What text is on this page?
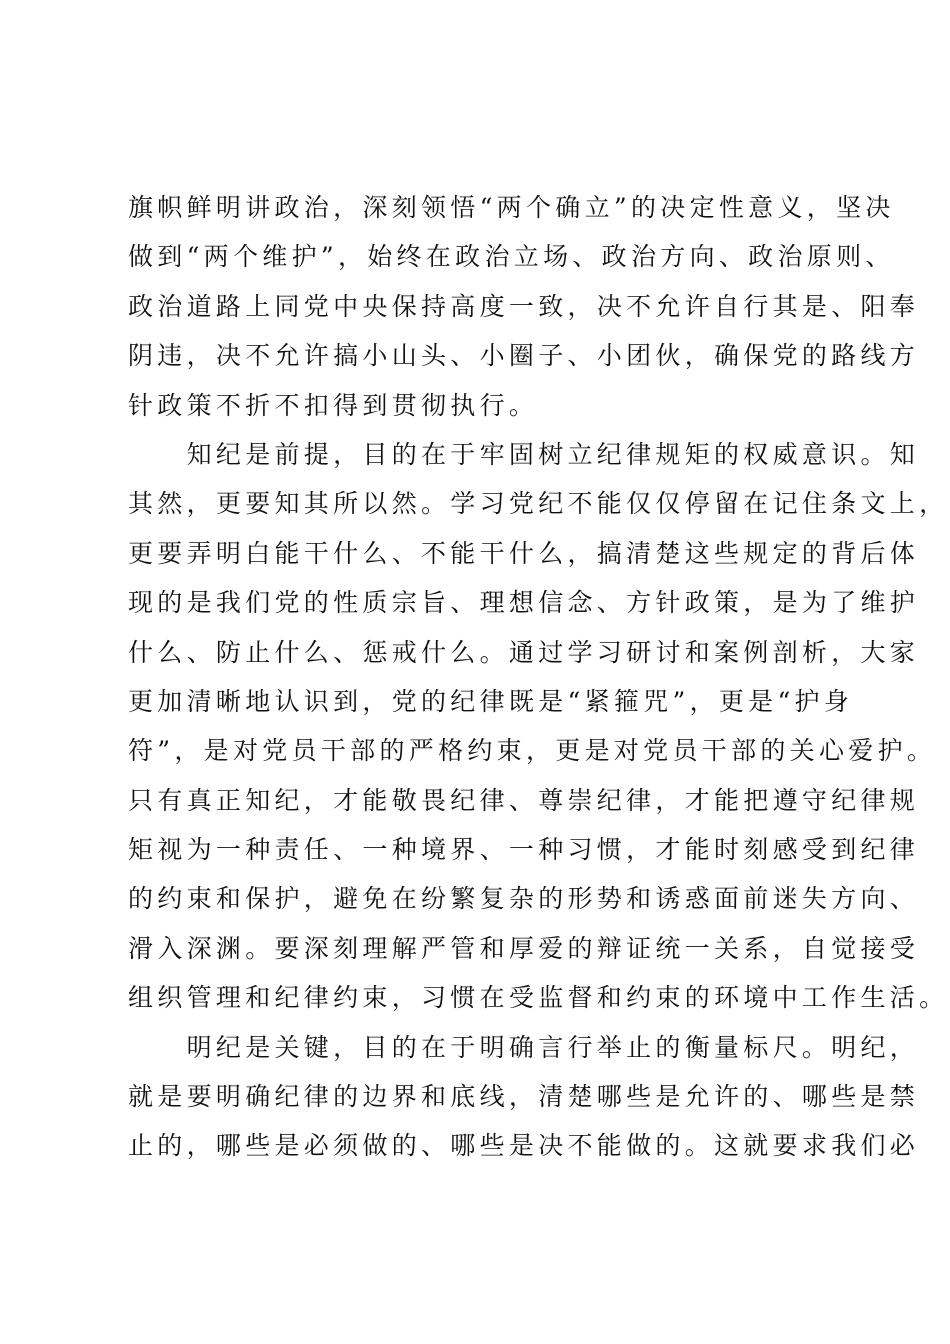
旗帜鲜明讲政治，深刻领悟“两个确立”的决定性意义，坚决
做到“两个维护”，始终在政治立场、政治方向、政治原则、
政治道路上同党中央保持高度一致，决不允许自行其是、阳奉
阴违，决不允许搞小山头、小圈子、小团伙，确保党的路线方
针政策不折不扣得到贯彻执行。
　　知纪是前提，目的在于牢固树立纪律规矩的权威意识。知
其然，更要知其所以然。学习党纪不能仅仅停留在记住条文上，
更要弄明白能干什么、不能干什么，搞清楚这些规定的背后体
现的是我们党的性质宗旨、理想信念、方针政策，是为了维护
什么、防止什么、惩戒什么。通过学习研讨和案例剖析，大家
更加清晰地认识到，党的纪律既是“紧箍咒”，更是“护身
符”，是对党员干部的严格约束，更是对党员干部的关心爱护。
只有真正知纪，才能敬畏纪律、尊崇纪律，才能把遵守纪律规
矩视为一种责任、一种境界、一种习惯，才能时刻感受到纪律
的约束和保护，避免在纷繁复杂的形势和诱惑面前迷失方向、
滑入深渊。要深刻理解严管和厚爱的辩证统一关系，自觉接受
组织管理和纪律约束，习惯在受监督和约束的环境中工作生活。
　　明纪是关键，目的在于明确言行举止的衡量标尺。明纪，
就是要明确纪律的边界和底线，清楚哪些是允许的、哪些是禁
止的，哪些是必须做的、哪些是决不能做的。这就要求我们必
